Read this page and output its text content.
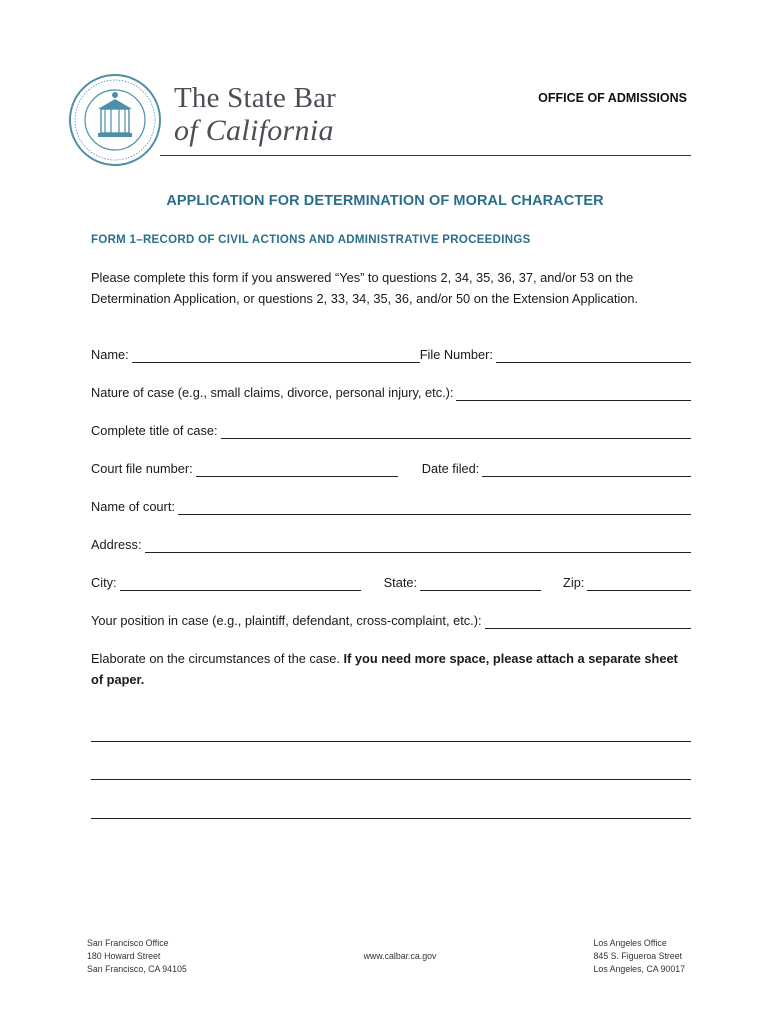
The State Bar
of California
OFFICE OF ADMISSIONS
APPLICATION FOR DETERMINATION OF MORAL CHARACTER
FORM 1–RECORD OF CIVIL ACTIONS AND ADMINISTRATIVE PROCEEDINGS
Please complete this form if you answered “Yes” to questions 2, 34, 35, 36, 37, and/or 53 on the Determination Application, or questions 2, 33, 34, 35, 36, and/or 50 on the Extension Application.
Name:	File Number:
Nature of case (e.g., small claims, divorce, personal injury, etc.):
Complete title of case:
Court file number:	Date filed:
Name of court:
Address:
City:	State:	Zip:
Your position in case (e.g., plaintiff, defendant, cross-complaint, etc.):
Elaborate on the circumstances of the case. If you need more space, please attach a separate sheet of paper.
San Francisco Office
180 Howard Street
San Francisco, CA 94105
www.calbar.ca.gov
Los Angeles Office
845 S. Figueroa Street
Los Angeles, CA 90017
